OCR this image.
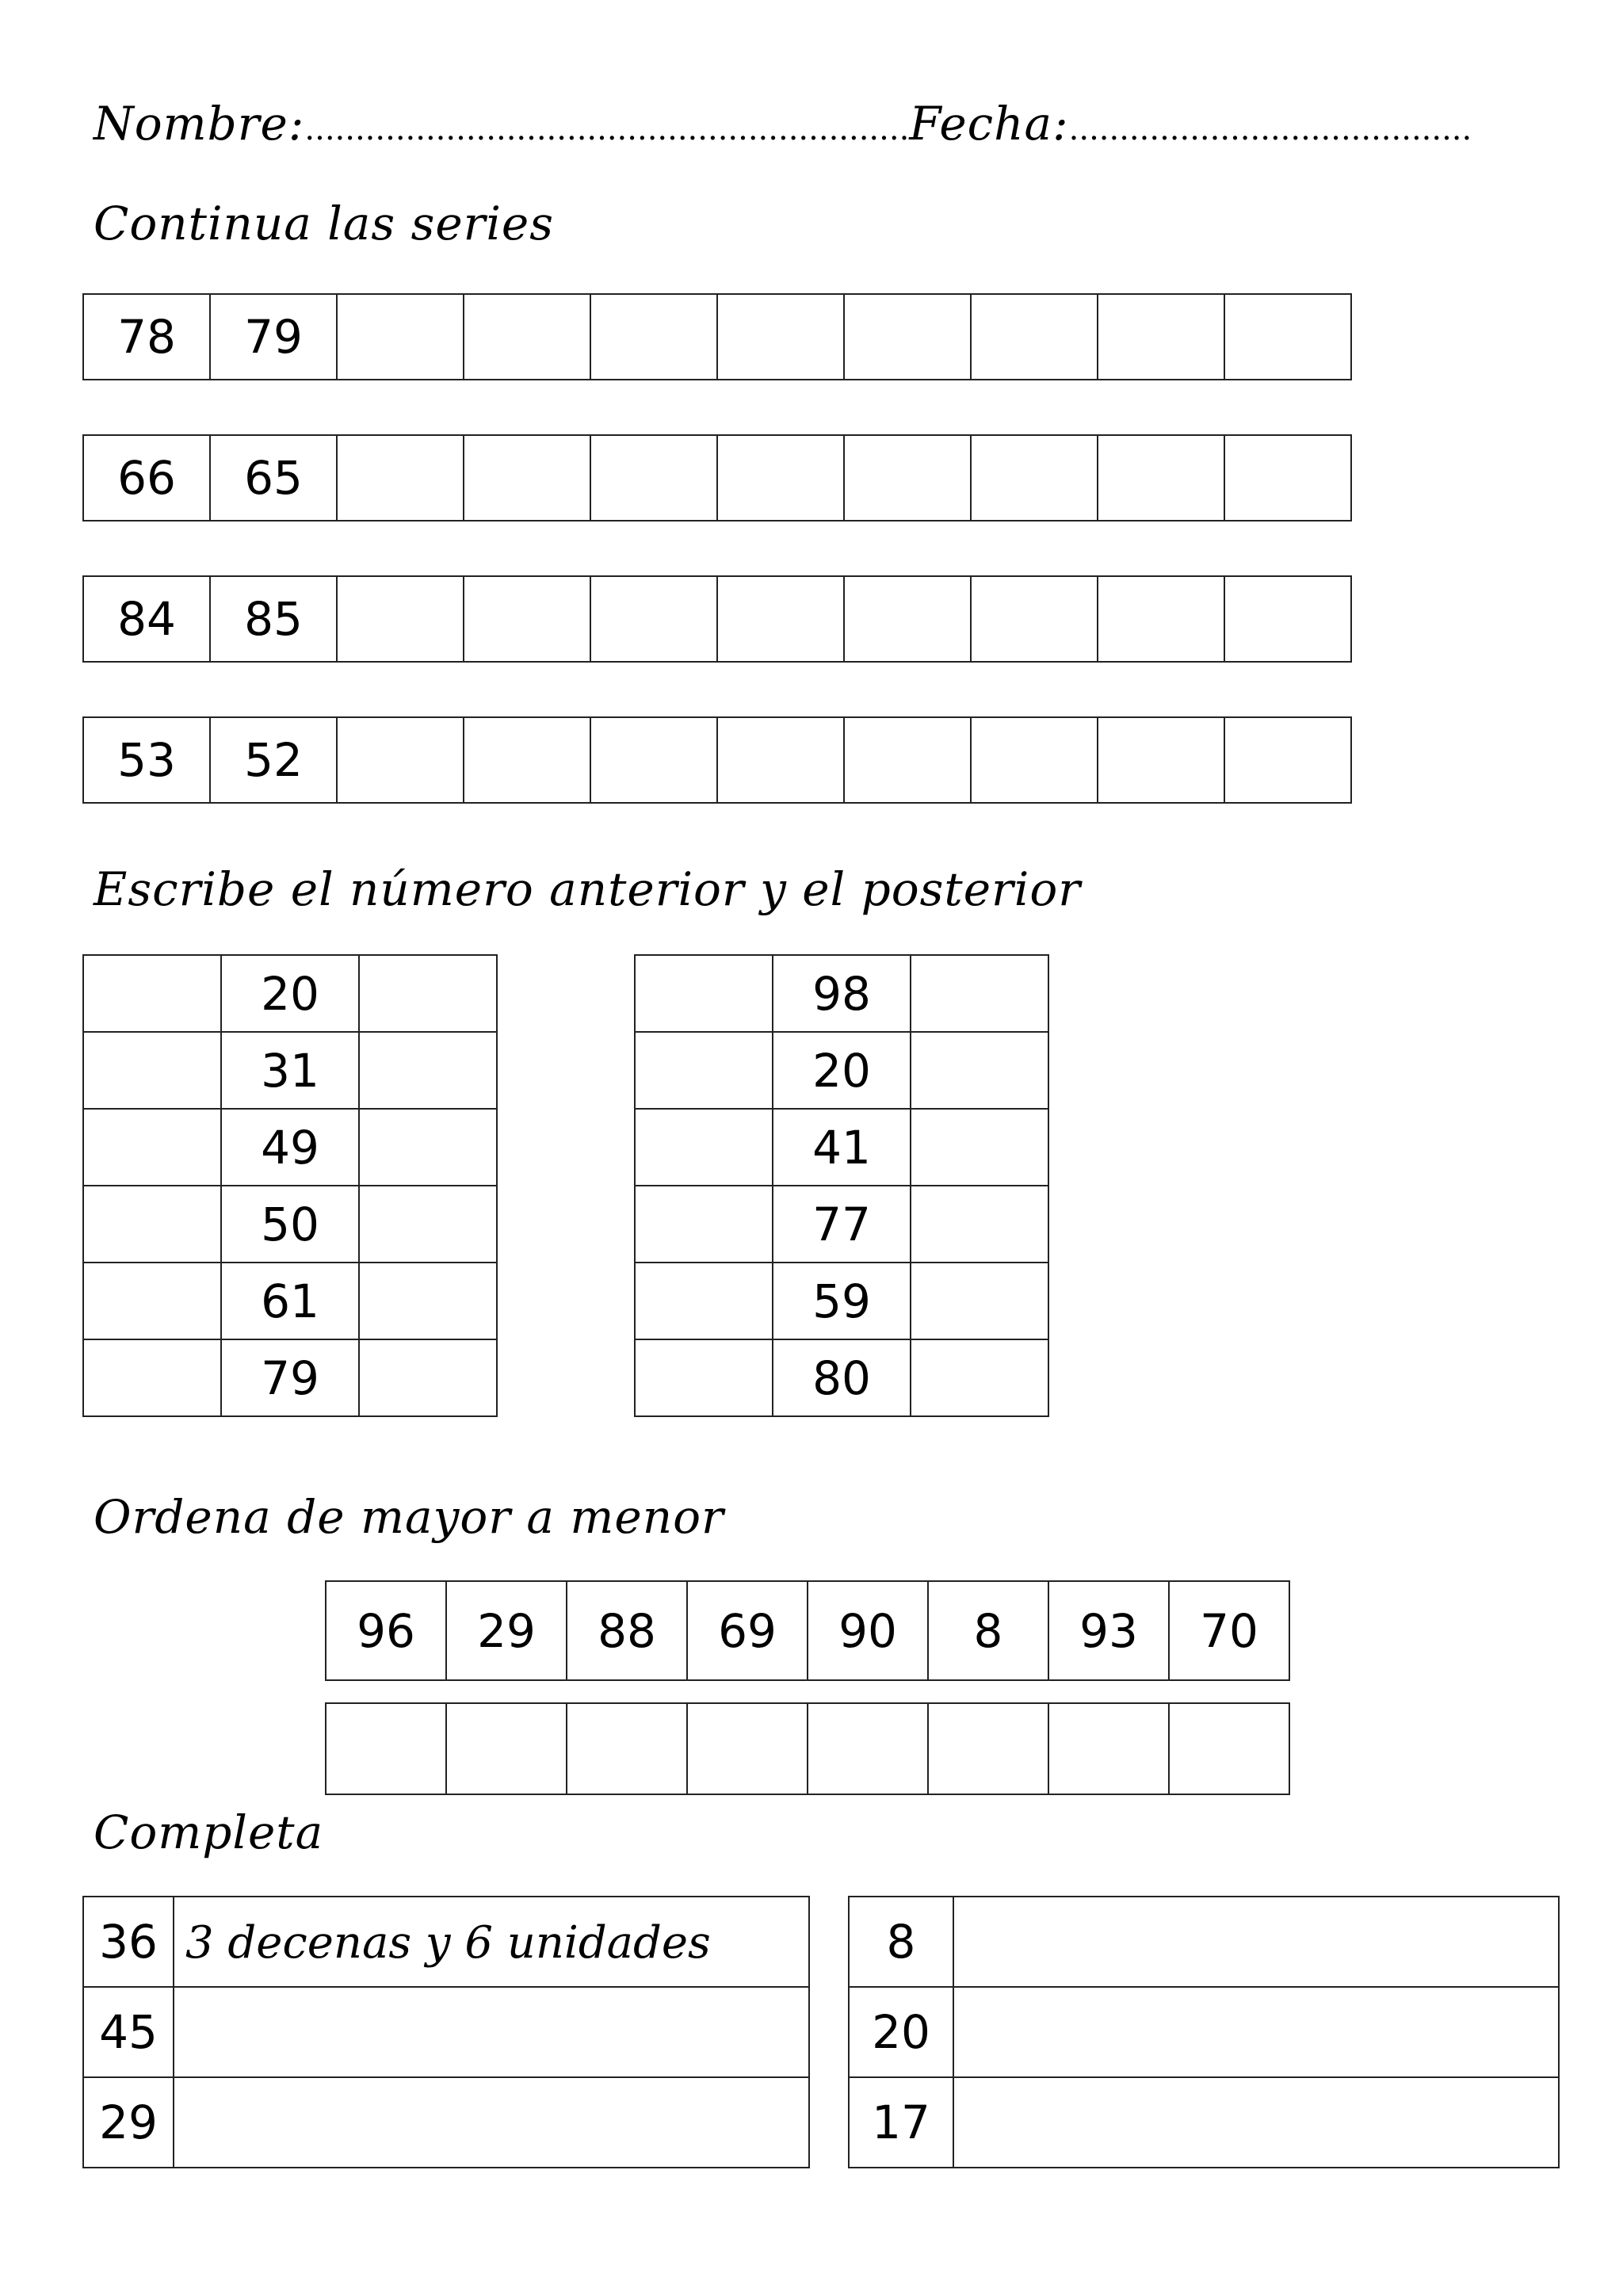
Nombre:............................................................Fecha:........................................
Continua las series
78	79								
66	65								
84	85								
53	52								
Escribe el número anterior y el posterior
	20	
	31	
	49	
	50	
	61	
	79	
	98	
	20	
	41	
	77	
	59	
	80	
Ordena de mayor a menor
96	29	88	69	90	8	93	70

Completa
36	3 decenas y 6 unidades
45	
29	
8	
20	
17	
